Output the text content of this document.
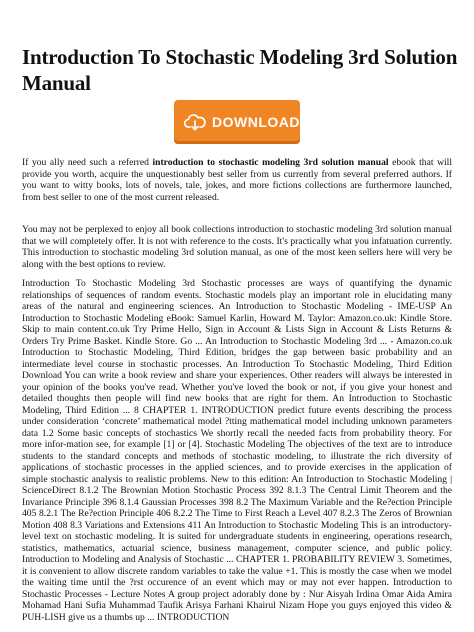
Introduction To Stochastic Modeling 3rd Solution Manual
DOWNLOAD

If you ally need such a referred introduction to stochastic modeling 3rd solution manual ebook that will provide you worth, acquire the unquestionably best seller from us currently from several preferred authors. If you want to witty books, lots of novels, tale, jokes, and more fictions collections are furthermore launched, from best seller to one of the most current released.

You may not be perplexed to enjoy all book collections introduction to stochastic modeling 3rd solution manual that we will completely offer. It is not with reference to the costs. It's practically what you infatuation currently. This introduction to stochastic modeling 3rd solution manual, as one of the most keen sellers here will very be along with the best options to review.

Introduction To Stochastic Modeling 3rd Stochastic processes are ways of quantifying the dynamic relationships of sequences of random events. Stochastic models play an important role in elucidating many areas of the natural and engineering sciences. An Introduction to Stochastic Modeling - IME-USP An Introduction to Stochastic Modeling eBook: Samuel Karlin, Howard M. Taylor: Amazon.co.uk: Kindle Store. Skip to main content.co.uk Try Prime Hello, Sign in Account & Lists Sign in Account & Lists Returns & Orders Try Prime Basket. Kindle Store. Go ... An Introduction to Stochastic Modeling 3rd ... - Amazon.co.uk Introduction to Stochastic Modeling, Third Edition, bridges the gap between basic probability and an intermediate level course in stochastic processes. An Introduction To Stochastic Modeling, Third Edition Download You can write a book review and share your experiences. Other readers will always be interested in your opinion of the books you've read. Whether you've loved the book or not, if you give your honest and detailed thoughts then people will find new books that are right for them. An Introduction to Stochastic Modeling, Third Edition ... 8 CHAPTER 1. INTRODUCTION predict future events describing the process under consideration ‘concrete’ mathematical model ?tting mathematical model including unknown parameters data 1.2 Some basic concepts of stochastics We shortly recall the needed facts from probability theory. For more infor-mation see, for example [1] or [4]. Stochastic Modeling The objectives of the text are to introduce students to the standard concepts and methods of stochastic modeling, to illustrate the rich diversity of applications of stochastic processes in the applied sciences, and to provide exercises in the application of simple stochastic analysis to realistic problems. New to this edition: An Introduction to Stochastic Modeling | ScienceDirect 8.1.2 The Brownian Motion Stochastic Process 392 8.1.3 The Central Limit Theorem and the Invariance Principle 396 8.1.4 Gaussian Processes 398 8.2 The Maximum Variable and the Re?ection Principle 405 8.2.1 The Re?ection Principle 406 8.2.2 The Time to First Reach a Level 407 8.2.3 The Zeros of Brownian Motion 408 8.3 Variations and Extensions 411 An Introduction to Stochastic Modeling This is an introductory-level text on stochastic modeling. It is suited for undergraduate students in engineering, operations research, statistics, mathematics, actuarial science, business management, computer science, and public policy. Introduction to Modeling and Analysis of Stochastic ... CHAPTER 1. PROBABILITY REVIEW 3. Sometimes, it is convenient to allow discrete random variables to take the value +1. This is mostly the case when we model the waiting time until the ?rst occurence of an event which may or may not ever happen. Introduction to Stochastic Processes - Lecture Notes A group project adorably done by : Nur Aisyah Irdina Omar Aida Amira Mohamad Hani Sufia Muhammad Taufik Arisya Farhani Khairul Nizam Hope you guys enjoyed this video & PUH-LISH give us a thumbs up ... INTRODUCTION
